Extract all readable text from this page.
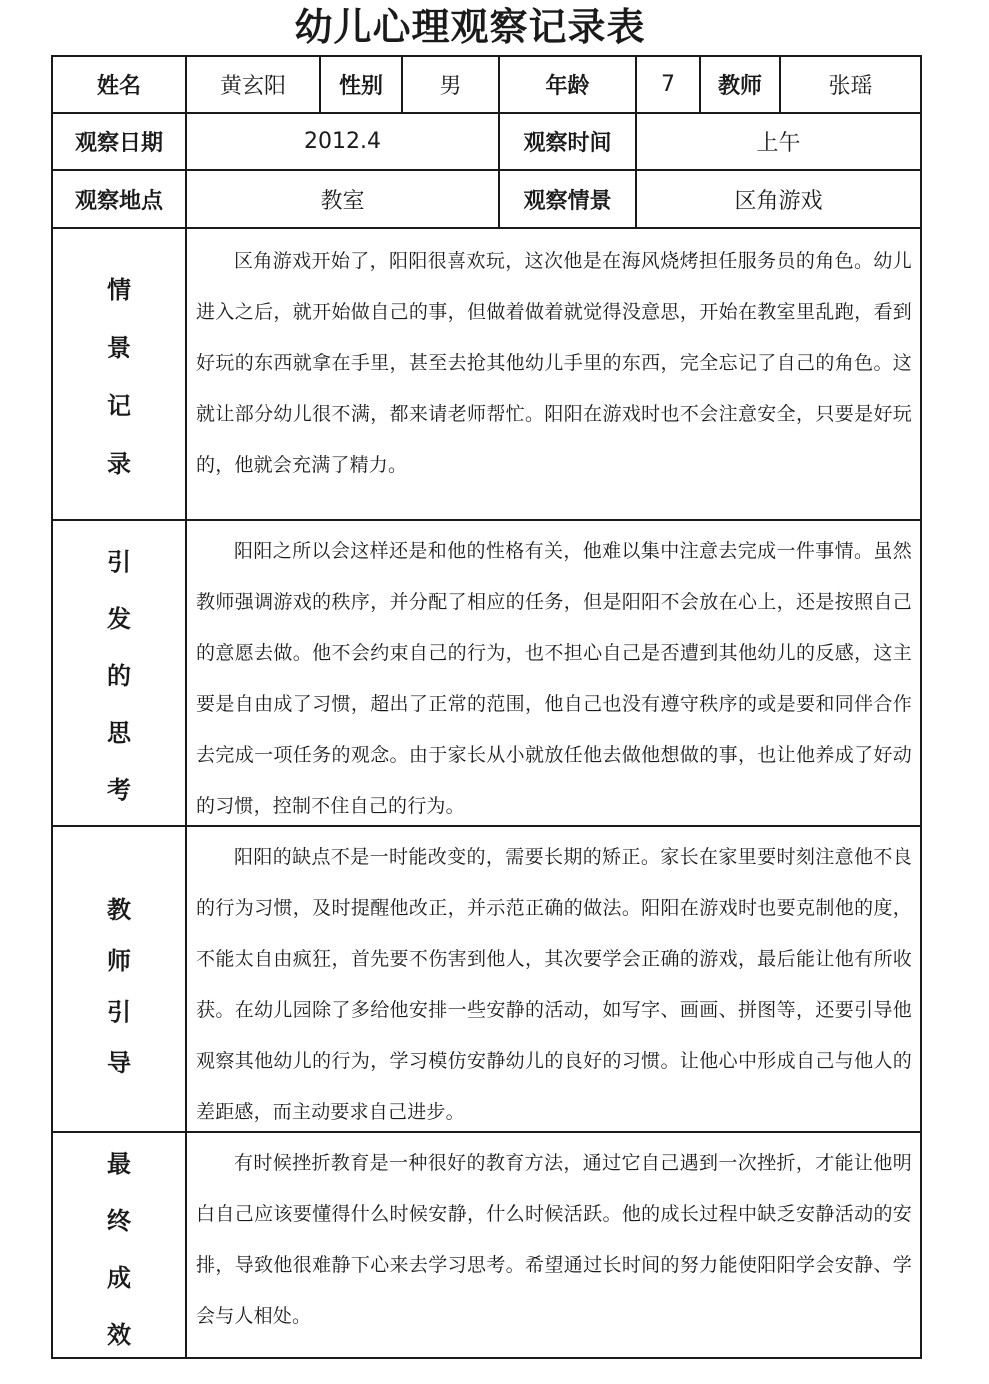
幼儿心理观察记录表
姓名	黄玄阳	性别	男	年龄	7	教师	张瑶
观察日期	2012.4	观察时间	上午
观察地点	教室	观察情景	区角游戏
情
景
记
录
区角游戏开始了，阳阳很喜欢玩，这次他是在海风烧烤担任服务员的角色。幼儿进入之后，就开始做自己的事，但做着做着就觉得没意思，开始在教室里乱跑，看到好玩的东西就拿在手里，甚至去抢其他幼儿手里的东西，完全忘记了自己的角色。这就让部分幼儿很不满，都来请老师帮忙。阳阳在游戏时也不会注意安全，只要是好玩的，他就会充满了精力。
引
发
的
思
考
阳阳之所以会这样还是和他的性格有关，他难以集中注意去完成一件事情。虽然教师强调游戏的秩序，并分配了相应的任务，但是阳阳不会放在心上，还是按照自己的意愿去做。他不会约束自己的行为，也不担心自己是否遭到其他幼儿的反感，这主要是自由成了习惯，超出了正常的范围，他自己也没有遵守秩序的或是要和同伴合作去完成一项任务的观念。由于家长从小就放任他去做他想做的事，也让他养成了好动的习惯，控制不住自己的行为。
教
师
引
导
阳阳的缺点不是一时能改变的，需要长期的矫正。家长在家里要时刻注意他不良的行为习惯，及时提醒他改正，并示范正确的做法。阳阳在游戏时也要克制他的度，不能太自由疯狂，首先要不伤害到他人，其次要学会正确的游戏，最后能让他有所收获。在幼儿园除了多给他安排一些安静的活动，如写字、画画、拼图等，还要引导他观察其他幼儿的行为，学习模仿安静幼儿的良好的习惯。让他心中形成自己与他人的差距感，而主动要求自己进步。
最
终
成
效
有时候挫折教育是一种很好的教育方法，通过它自己遇到一次挫折，才能让他明白自己应该要懂得什么时候安静，什么时候活跃。他的成长过程中缺乏安静活动的安排，导致他很难静下心来去学习思考。希望通过长时间的努力能使阳阳学会安静、学会与人相处。
